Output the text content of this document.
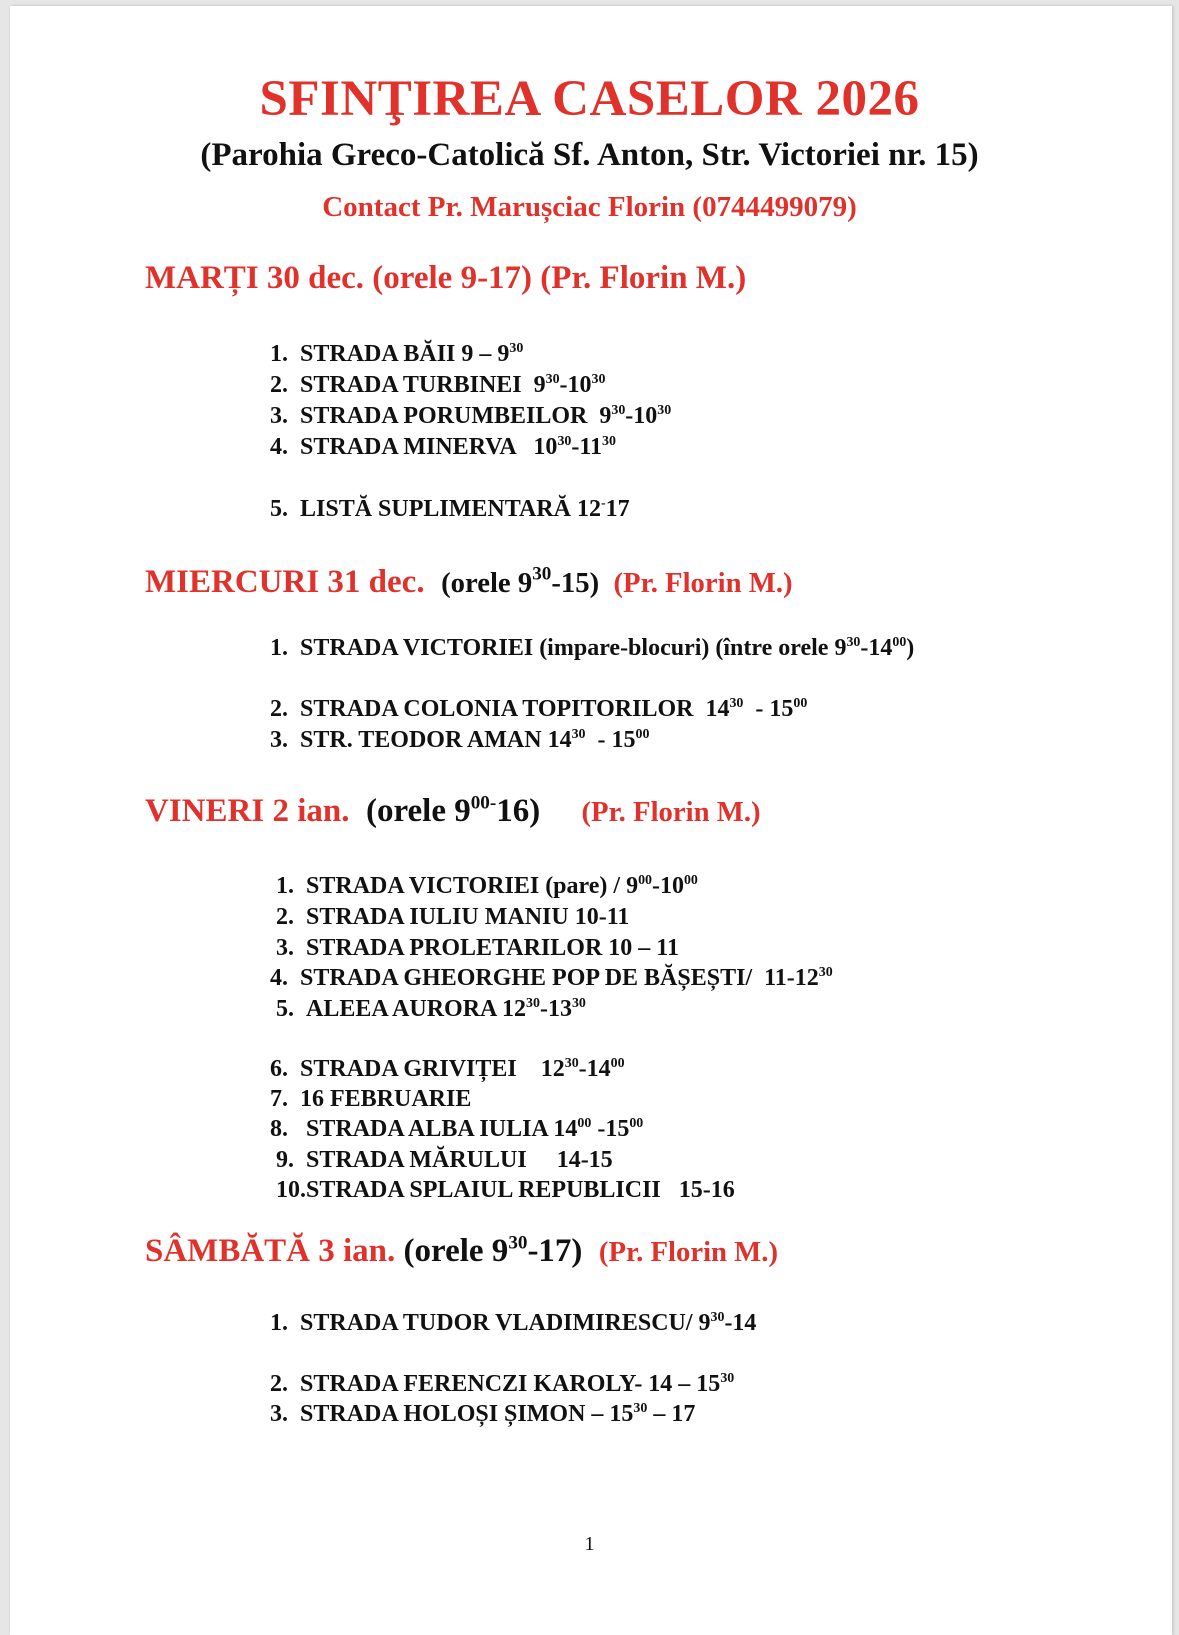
SFINŢIREA CASELOR 2026
(Parohia Greco-Catolică Sf. Anton, Str. Victoriei nr. 15)
Contact Pr. Marușciac Florin (0744499079)
MARȚI 30 dec. (orele 9-17) (Pr. Florin M.)
MIERCURI 31 dec.  (orele $9^{30}-15$)  (Pr. Florin M.)
VINERI 2 ian.  (orele $9^{00-}16$)     (Pr. Florin M.)
SÂMBĂTĂ 3 ian. (orele $9^{30}-17$)  (Pr. Florin M.)
1.  STRADA BĂII $9 - 9^{30}$
2.  STRADA TURBINEI  $9^{30}-10^{30}$
3.  STRADA PORUMBEILOR  $9^{30}-10^{30}$
4.  STRADA MINERVA   $10^{30}-11^{30}$
5.  LISTĂ SUPLIMENTARĂ 12-17
1.  STRADA VICTORIEI (impare-blocuri) (între orele $9^{30}-14^{00}$)
2.  STRADA COLONIA TOPITORILOR  $14^{30} - 15^{00}$
3.  STR. TEODOR AMAN $14^{30} - 15^{00}$
1.  STRADA VICTORIEI (pare) / $9^{00}-10^{00}$
2.  STRADA IULIU MANIU 10-11
3.  STRADA PROLETARILOR 10 – 11
4.  STRADA GHEORGHE POP DE BĂȘEȘTI/  $11-12^{30}$
5.  ALEEA AURORA $12^{30}-13^{30}$
6.  STRADA GRIVIȚEI    $12^{30}-14^{00}$
7.  16 FEBRUARIE
8.   STRADA ALBA IULIA $14^{00}$ $-15^{00}$
9.  STRADA MĂRULUI     14-15
10.STRADA SPLAIUL REPUBLICII   15-16
1.  STRADA TUDOR VLADIMIRESCU/ $9^{30}-14$
2.  STRADA FERENCZI KAROLY- $14 - 15^{30}$
3.  STRADA HOLOȘI ȘIMON – $15^{30} - 17$
1
